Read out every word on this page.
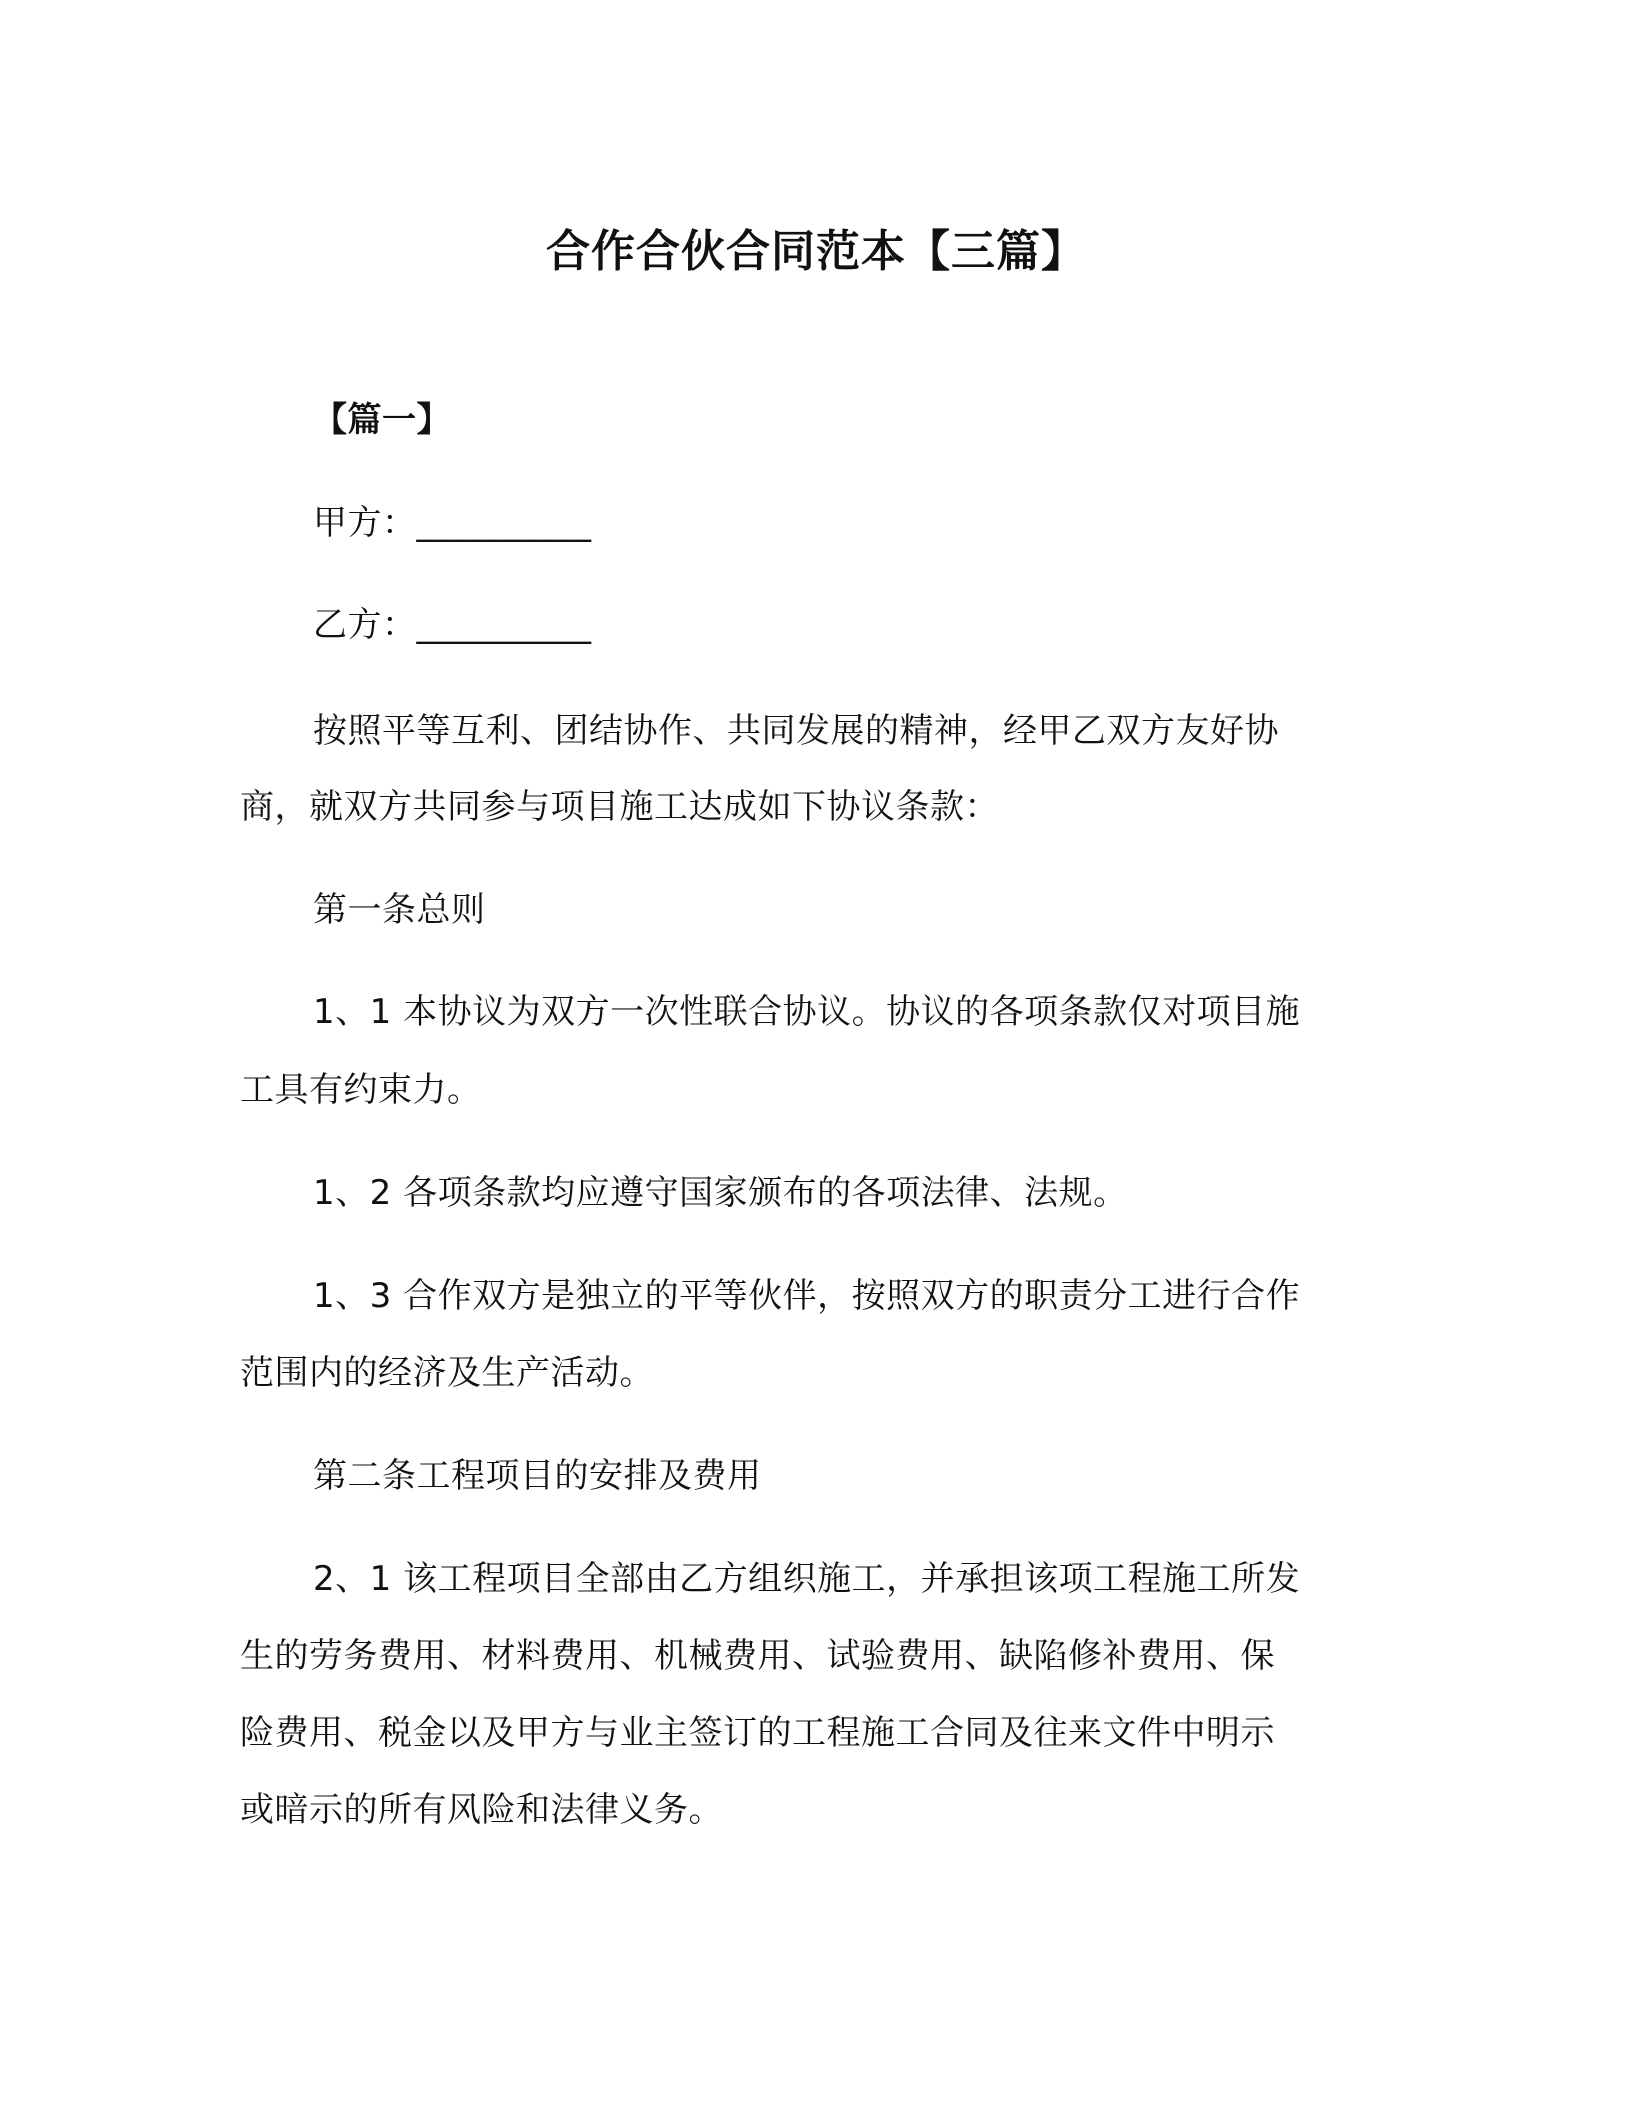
合作合伙合同范本【三篇】
【篇一】
甲方：__________
乙方：__________
按照平等互利、团结协作、共同发展的精神，经甲乙双方友好协
商，就双方共同参与项目施工达成如下协议条款：
第一条总则
1、1 本协议为双方一次性联合协议。协议的各项条款仅对项目施
工具有约束力。
1、2 各项条款均应遵守国家颁布的各项法律、法规。
1、3 合作双方是独立的平等伙伴，按照双方的职责分工进行合作
范围内的经济及生产活动。
第二条工程项目的安排及费用
2、1 该工程项目全部由乙方组织施工，并承担该项工程施工所发
生的劳务费用、材料费用、机械费用、试验费用、缺陷修补费用、保
险费用、税金以及甲方与业主签订的工程施工合同及往来文件中明示
或暗示的所有风险和法律义务。
